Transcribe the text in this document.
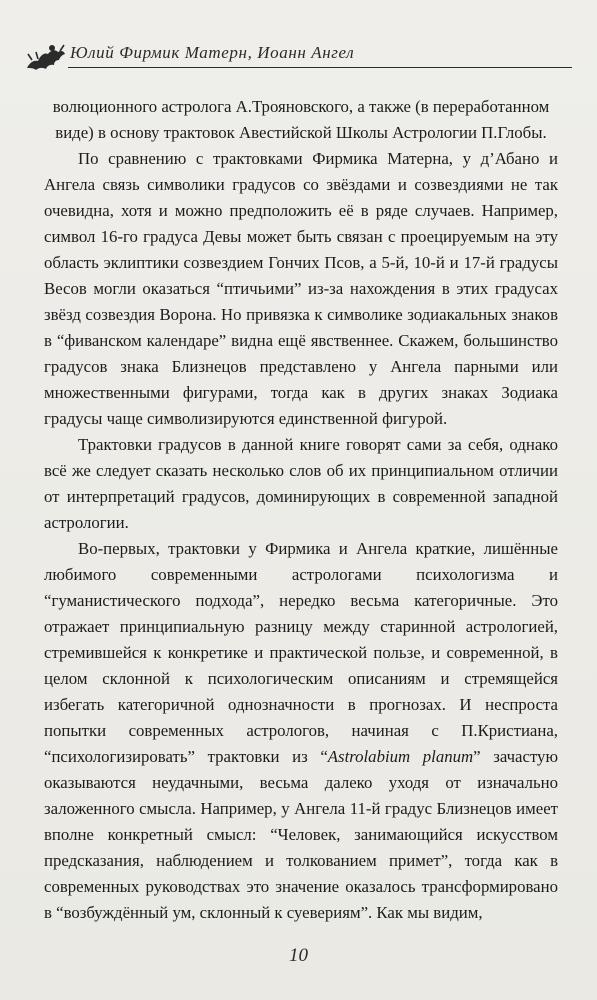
Юлий Фирмик Матерн, Иоанн Ангел

волюционного астролога А.Трояновского, а также (в переработанном виде) в основу трактовок Авестийской Школы Астрологии П.Глобы.

По сравнению с трактовками Фирмика Матерна, у д’Абано и Ангела связь символики градусов со звёздами и созвездиями не так очевидна, хотя и можно предположить её в ряде случаев. Например, символ 16-го градуса Девы может быть связан с проецируемым на эту область эклиптики созвездием Гончих Псов, а 5-й, 10-й и 17-й градусы Весов могли оказаться “птичьими” из-за нахождения в этих градусах звёзд созвездия Ворона. Но привязка к символике зодиакальных знаков в “фиванском календаре” видна ещё явственнее. Скажем, большинство градусов знака Близнецов представлено у Ангела парными или множественными фигурами, тогда как в других знаках Зодиака градусы чаще символизируются единственной фигурой.

Трактовки градусов в данной книге говорят сами за себя, однако всё же следует сказать несколько слов об их принципиальном отличии от интерпретаций градусов, доминирующих в современной западной астрологии.

Во-первых, трактовки у Фирмика и Ангела краткие, лишённые любимого современными астрологами психологизма и “гуманистического подхода”, нередко весьма категоричные. Это отражает принципиальную разницу между старинной астрологией, стремившейся к конкретике и практической пользе, и современной, в целом склонной к психологическим описаниям и стремящейся избегать категоричной однозначности в прогнозах. И неспроста попытки современных астрологов, начиная с П.Кристиана, “психологизировать” трактовки из “Astrolabium planum” зачастую оказываются неудачными, весьма далеко уходя от изначально заложенного смысла. Например, у Ангела 11-й градус Близнецов имеет вполне конкретный смысл: “Человек, занимающийся искусством предсказания, наблюдением и толкованием примет”, тогда как в современных руководствах это значение оказалось трансформировано в “возбуждённый ум, склонный к суевериям”. Как мы видим,

10
